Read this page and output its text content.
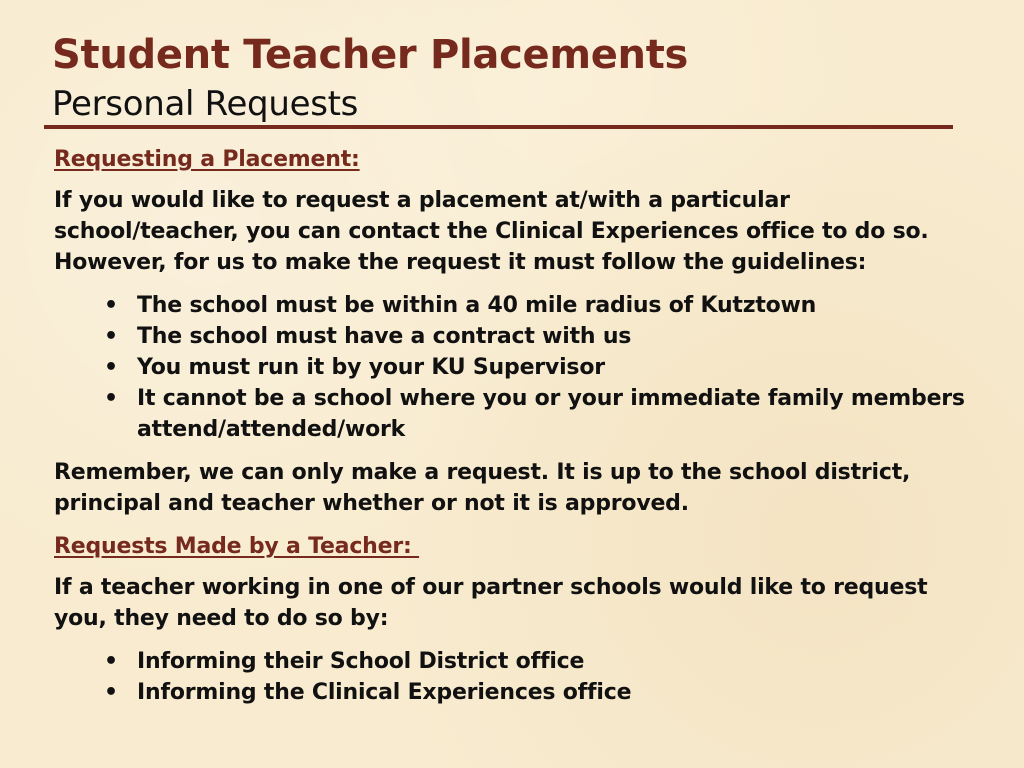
Student Teacher Placements
Personal Requests
Requesting a Placement:
If you would like to request a placement at/with a particular school/teacher, you can contact the Clinical Experiences office to do so. However, for us to make the request it must follow the guidelines:
• The school must be within a 40 mile radius of Kutztown
• The school must have a contract with us
• You must run it by your KU Supervisor
• It cannot be a school where you or your immediate family members attend/attended/work
Remember, we can only make a request. It is up to the school district, principal and teacher whether or not it is approved.
Requests Made by a Teacher:
If a teacher working in one of our partner schools would like to request you, they need to do so by:
• Informing their School District office
• Informing the Clinical Experiences office
